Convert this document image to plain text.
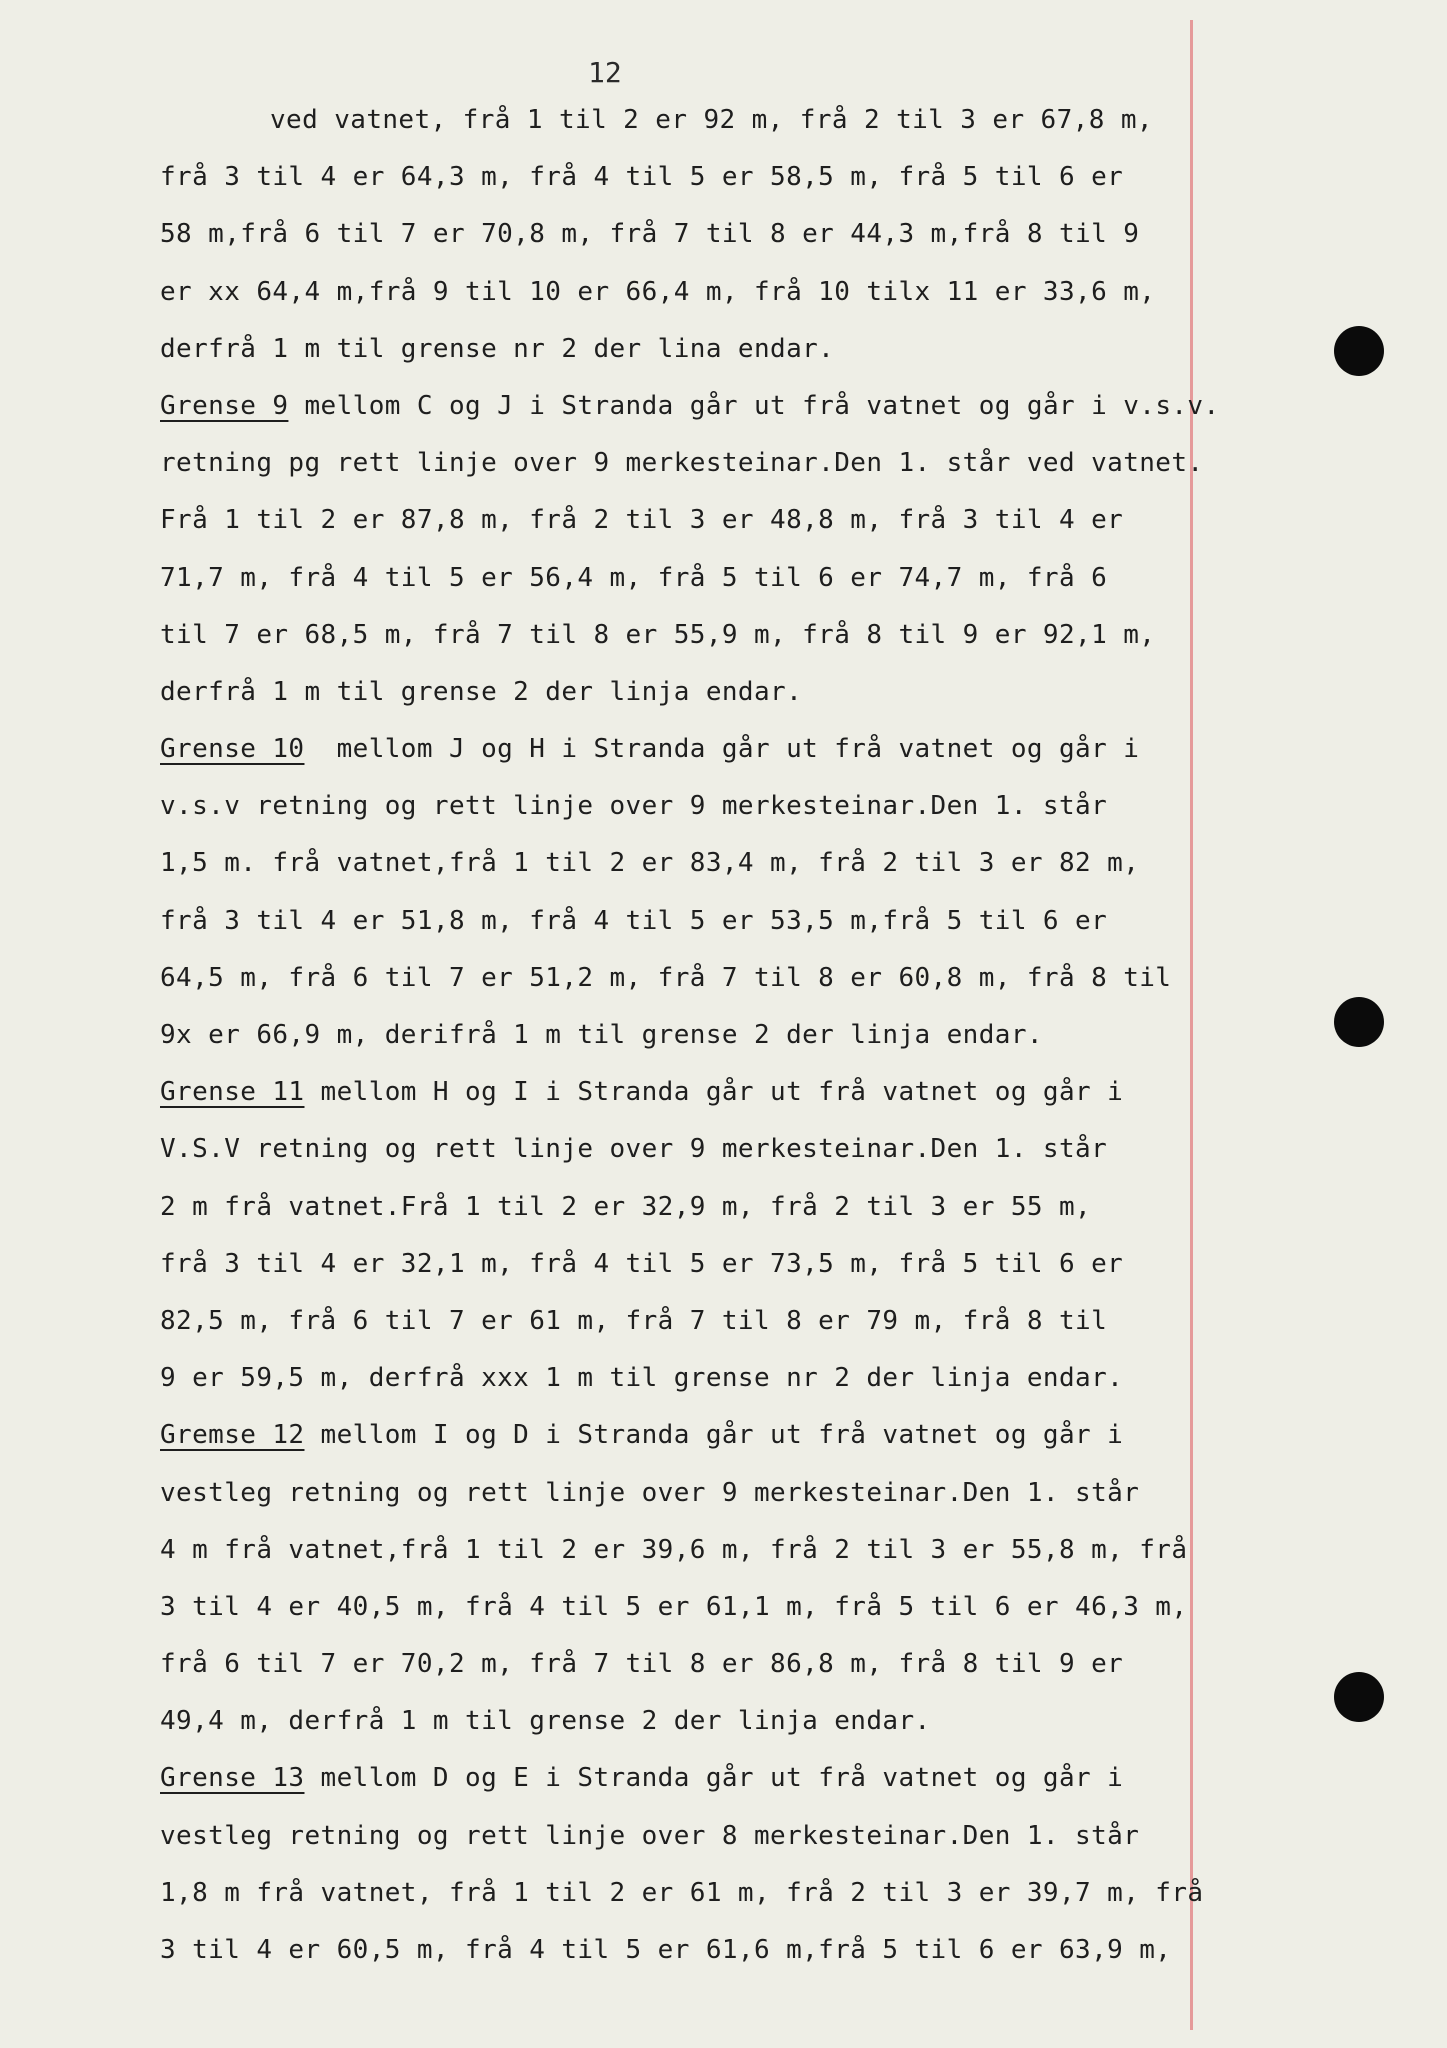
12
ved vatnet, frå 1 til 2 er 92 m, frå 2 til 3 er 67,8 m,
frå 3 til 4 er 64,3 m, frå 4 til 5 er 58,5 m, frå 5 til 6 er
58 m,frå 6 til 7 er 70,8 m, frå 7 til 8 er 44,3 m,frå 8 til 9
er xx 64,4 m,frå 9 til 10 er 66,4 m, frå 10 tilx 11 er 33,6 m,
derfrå 1 m til grense nr 2 der lina endar.
Grense 9 mellom C og J i Stranda går ut frå vatnet og går i v.s.v.
retning pg rett linje over 9 merkesteinar.Den 1. står ved vatnet.
Frå 1 til 2 er 87,8 m, frå 2 til 3 er 48,8 m, frå 3 til 4 er
71,7 m, frå 4 til 5 er 56,4 m, frå 5 til 6 er 74,7 m, frå 6
til 7 er 68,5 m, frå 7 til 8 er 55,9 m, frå 8 til 9 er 92,1 m,
derfrå 1 m til grense 2 der linja endar.
Grense 10  mellom J og H i Stranda går ut frå vatnet og går i
v.s.v retning og rett linje over 9 merkesteinar.Den 1. står
1,5 m. frå vatnet,frå 1 til 2 er 83,4 m, frå 2 til 3 er 82 m,
frå 3 til 4 er 51,8 m, frå 4 til 5 er 53,5 m,frå 5 til 6 er
64,5 m, frå 6 til 7 er 51,2 m, frå 7 til 8 er 60,8 m, frå 8 til
9x er 66,9 m, derifrå 1 m til grense 2 der linja endar.
Grense 11 mellom H og I i Stranda går ut frå vatnet og går i
V.S.V retning og rett linje over 9 merkesteinar.Den 1. står
2 m frå vatnet.Frå 1 til 2 er 32,9 m, frå 2 til 3 er 55 m,
frå 3 til 4 er 32,1 m, frå 4 til 5 er 73,5 m, frå 5 til 6 er
82,5 m, frå 6 til 7 er 61 m, frå 7 til 8 er 79 m, frå 8 til
9 er 59,5 m, derfrå xxx 1 m til grense nr 2 der linja endar.
Gremse 12 mellom I og D i Stranda går ut frå vatnet og går i
vestleg retning og rett linje over 9 merkesteinar.Den 1. står
4 m frå vatnet,frå 1 til 2 er 39,6 m, frå 2 til 3 er 55,8 m, frå
3 til 4 er 40,5 m, frå 4 til 5 er 61,1 m, frå 5 til 6 er 46,3 m,
frå 6 til 7 er 70,2 m, frå 7 til 8 er 86,8 m, frå 8 til 9 er
49,4 m, derfrå 1 m til grense 2 der linja endar.
Grense 13 mellom D og E i Stranda går ut frå vatnet og går i
vestleg retning og rett linje over 8 merkesteinar.Den 1. står
1,8 m frå vatnet, frå 1 til 2 er 61 m, frå 2 til 3 er 39,7 m, frå
3 til 4 er 60,5 m, frå 4 til 5 er 61,6 m,frå 5 til 6 er 63,9 m,
